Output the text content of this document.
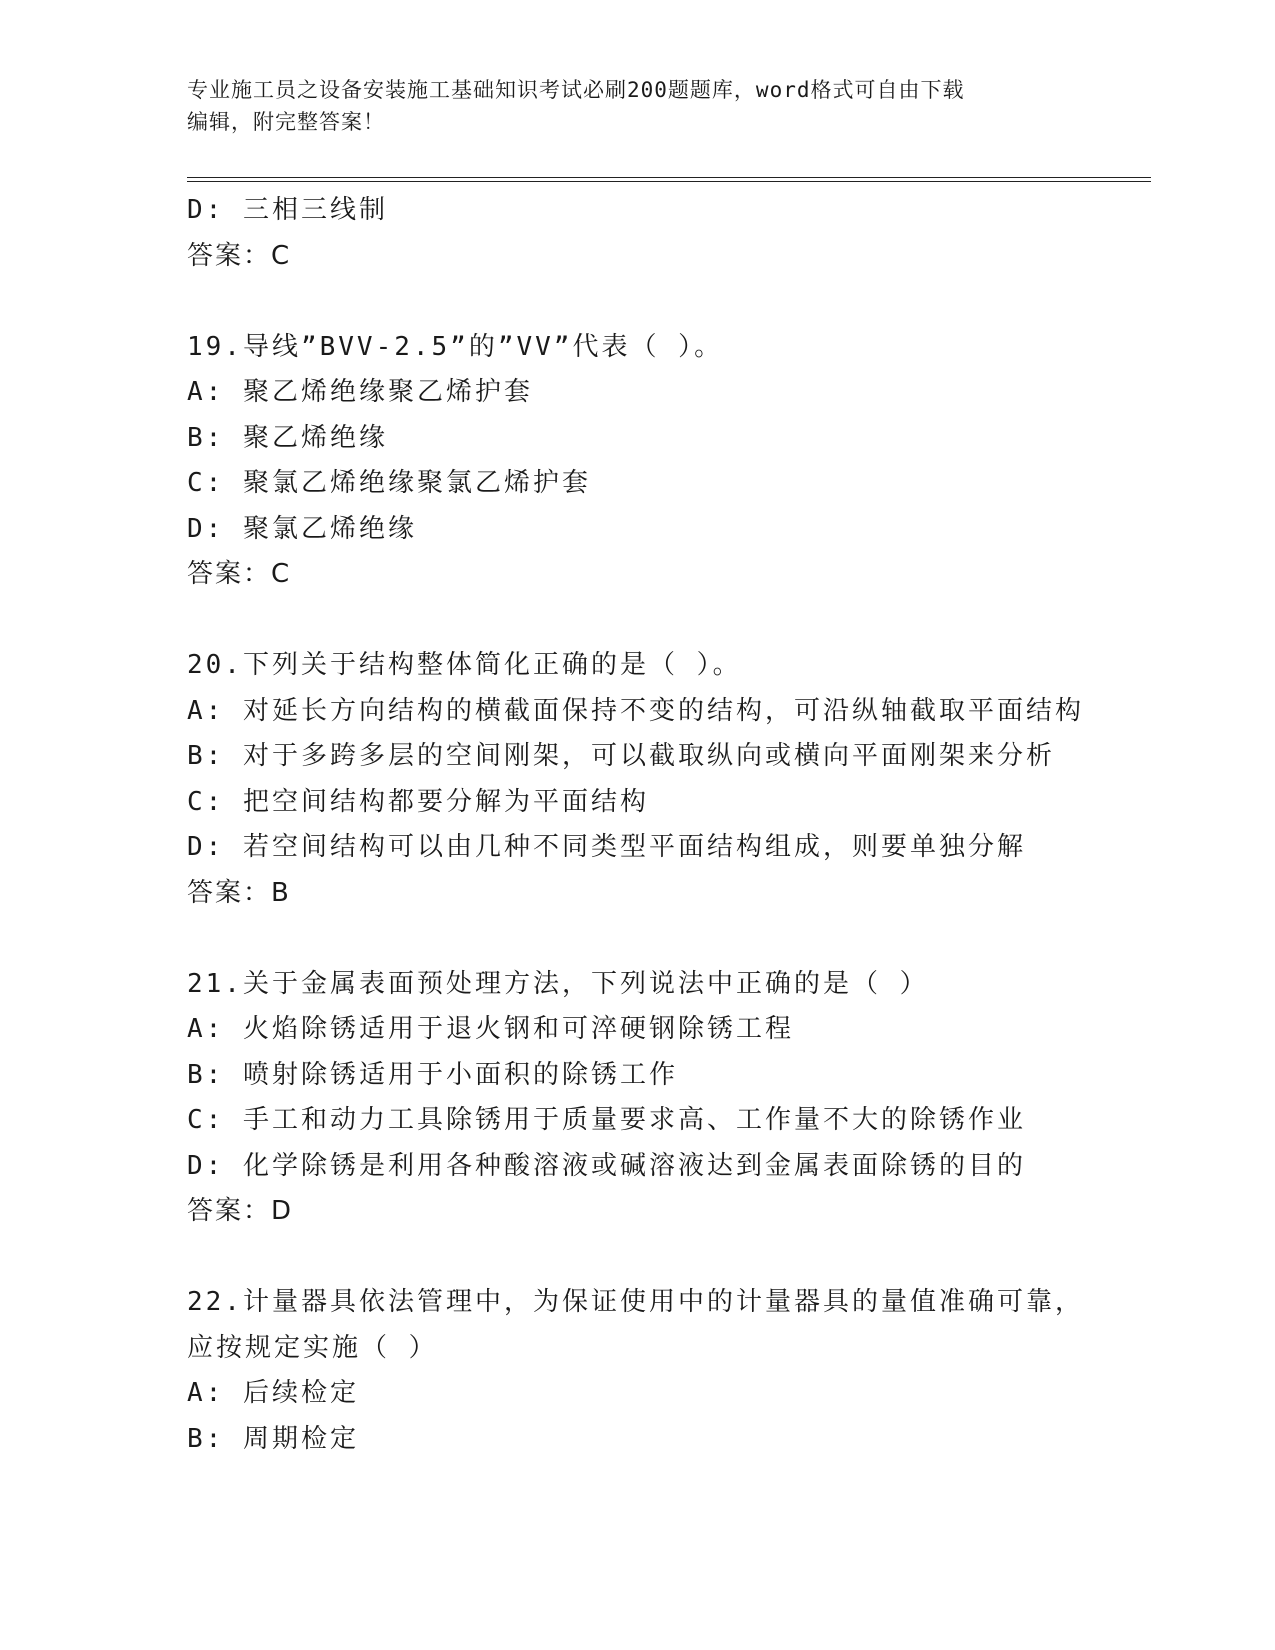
专业施工员之设备安装施工基础知识考试必刷200题题库，word格式可自由下载
编辑，附完整答案！
D: 三相三线制
答案：C
19.导线”BVV-2.5”的”VV”代表（ ）。
A: 聚乙烯绝缘聚乙烯护套
B: 聚乙烯绝缘
C: 聚氯乙烯绝缘聚氯乙烯护套
D: 聚氯乙烯绝缘
答案：C
20.下列关于结构整体简化正确的是（ ）。
A: 对延长方向结构的横截面保持不变的结构，可沿纵轴截取平面结构
B: 对于多跨多层的空间刚架，可以截取纵向或横向平面刚架来分析
C: 把空间结构都要分解为平面结构
D: 若空间结构可以由几种不同类型平面结构组成，则要单独分解
答案：B
21.关于金属表面预处理方法，下列说法中正确的是（ ）
A: 火焰除锈适用于退火钢和可淬硬钢除锈工程
B: 喷射除锈适用于小面积的除锈工作
C: 手工和动力工具除锈用于质量要求高、工作量不大的除锈作业
D: 化学除锈是利用各种酸溶液或碱溶液达到金属表面除锈的目的
答案：D
22.计量器具依法管理中，为保证使用中的计量器具的量值准确可靠，
应按规定实施（ ）
A: 后续检定
B: 周期检定
